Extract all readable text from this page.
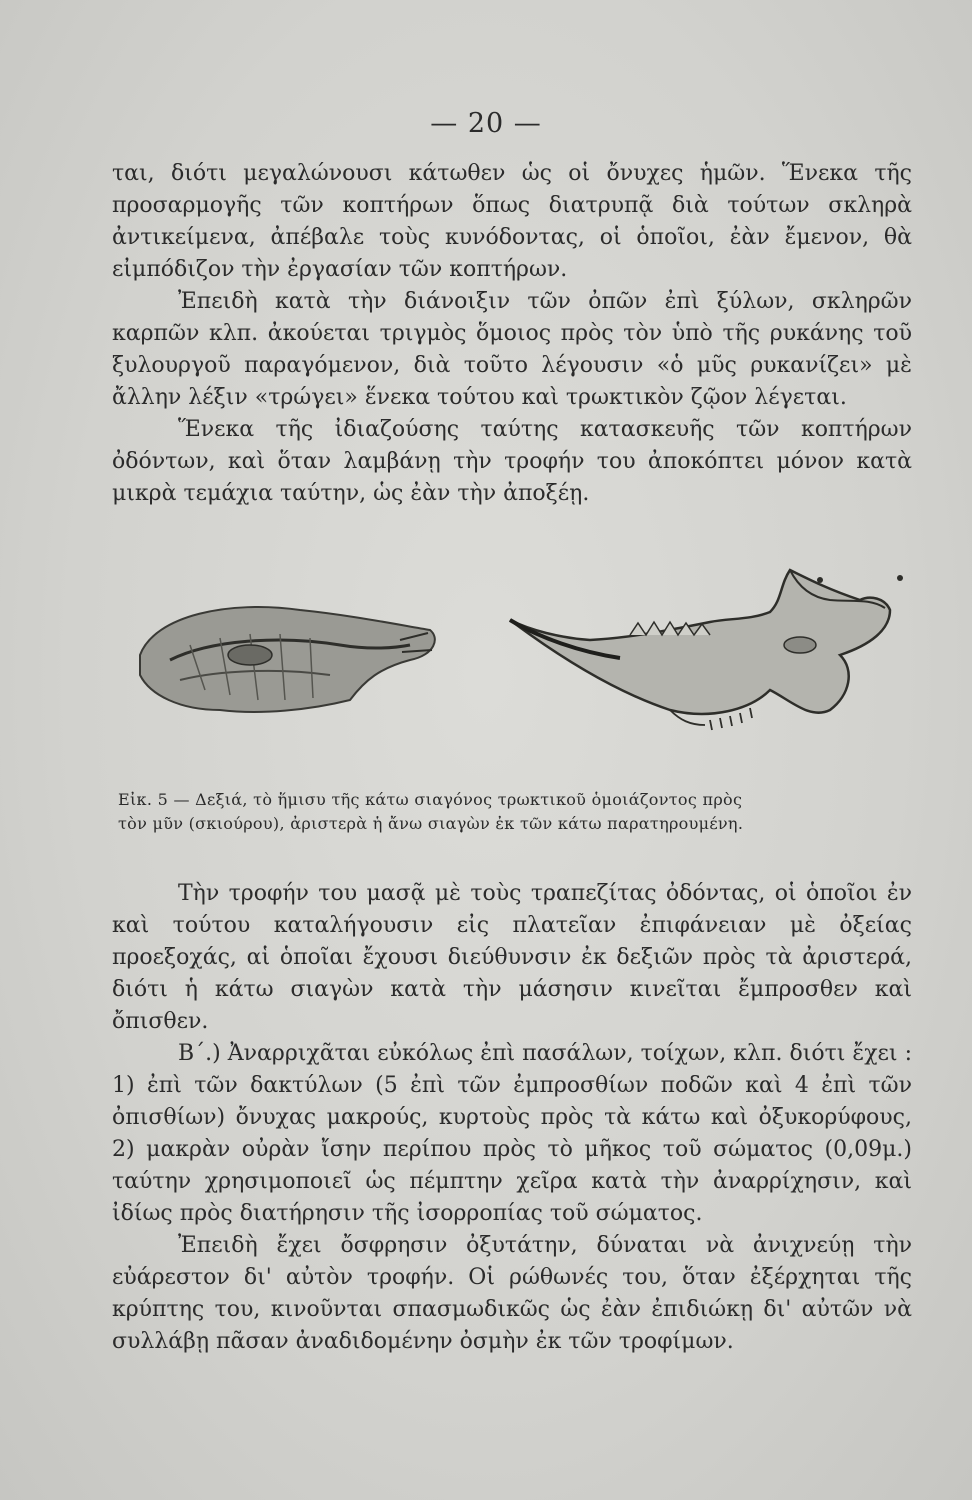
— 20 —

ται, διότι μεγαλώνουσι κάτωθεν ὡς οἱ ὄνυχες ἡμῶν. Ἕνεκα τῆς προσαρμογῆς τῶν κοπτήρων ὅπως διατρυπᾷ διὰ τούτων σκληρὰ ἀντικείμενα, ἀπέβαλε τοὺς κυνόδοντας, οἱ ὁποῖοι, ἐὰν ἔμενον, θὰ εἰμπόδιζον τὴν ἐργασίαν τῶν κοπτήρων.

Ἐπειδὴ κατὰ τὴν διάνοιξιν τῶν ὀπῶν ἐπὶ ξύλων, σκληρῶν καρπῶν κλπ. ἀκούεται τριγμὸς ὅμοιος πρὸς τὸν ὑπὸ τῆς ρυκάνης τοῦ ξυλουργοῦ παραγόμενον, διὰ τοῦτο λέγουσιν «ὁ μῦς ρυκανίζει» μὲ ἄλλην λέξιν «τρώγει» ἕνεκα τούτου καὶ τρωκτικὸν ζῷον λέγεται.

Ἕνεκα τῆς ἰδιαζούσης ταύτης κατασκευῆς τῶν κοπτήρων ὀδόντων, καὶ ὅταν λαμβάνῃ τὴν τροφήν του ἀποκόπτει μόνον κατὰ μικρὰ τεμάχια ταύτην, ὡς ἐὰν τὴν ἀποξέῃ.

Εἰκ. 5 — Δεξιά, τὸ ἥμισυ τῆς κάτω σιαγόνος τρωκτικοῦ ὁμοιάζοντος πρὸς

τὸν μῦν (σκιούρου), ἀριστερὰ ἡ ἄνω σιαγὼν ἐκ τῶν κάτω παρατηρουμένη.

Τὴν τροφήν του μασᾷ μὲ τοὺς τραπεζίτας ὀδόντας, οἱ ὁποῖοι ἐν καὶ τούτου καταλήγουσιν εἰς πλατεῖαν ἐπιφάνειαν μὲ ὀξείας προεξοχάς, αἱ ὁποῖαι ἔχουσι διεύθυνσιν ἐκ δεξιῶν πρὸς τὰ ἀριστερά, διότι ἡ κάτω σιαγὼν κατὰ τὴν μάσησιν κινεῖται ἔμπροσθεν καὶ ὄπισθεν.

Β΄.) Ἀναρριχᾶται εὐκόλως ἐπὶ πασάλων, τοίχων, κλπ. διότι ἔχει : 1) ἐπὶ τῶν δακτύλων (5 ἐπὶ τῶν ἐμπροσθίων ποδῶν καὶ 4 ἐπὶ τῶν ὀπισθίων) ὄνυχας μακρούς, κυρτοὺς πρὸς τὰ κάτω καὶ ὀξυκορύφους, 2) μακρὰν οὐρὰν ἴσην περίπου πρὸς τὸ μῆκος τοῦ σώματος (0,09μ.) ταύτην χρησιμοποιεῖ ὡς πέμπτην χεῖρα κατὰ τὴν ἀναρρίχησιν, καὶ ἰδίως πρὸς διατήρησιν τῆς ἰσορροπίας τοῦ σώματος.

Ἐπειδὴ ἔχει ὄσφρησιν ὀξυτάτην, δύναται νὰ ἀνιχνεύῃ τὴν εὐάρεστον δι' αὐτὸν τροφήν. Οἱ ρώθωνές του, ὅταν ἐξέρχηται τῆς κρύπτης του, κινοῦνται σπασμωδικῶς ὡς ἐὰν ἐπιδιώκῃ δι' αὐτῶν νὰ συλλάβῃ πᾶσαν ἀναδιδομένην ὀσμὴν ἐκ τῶν τροφίμων.
